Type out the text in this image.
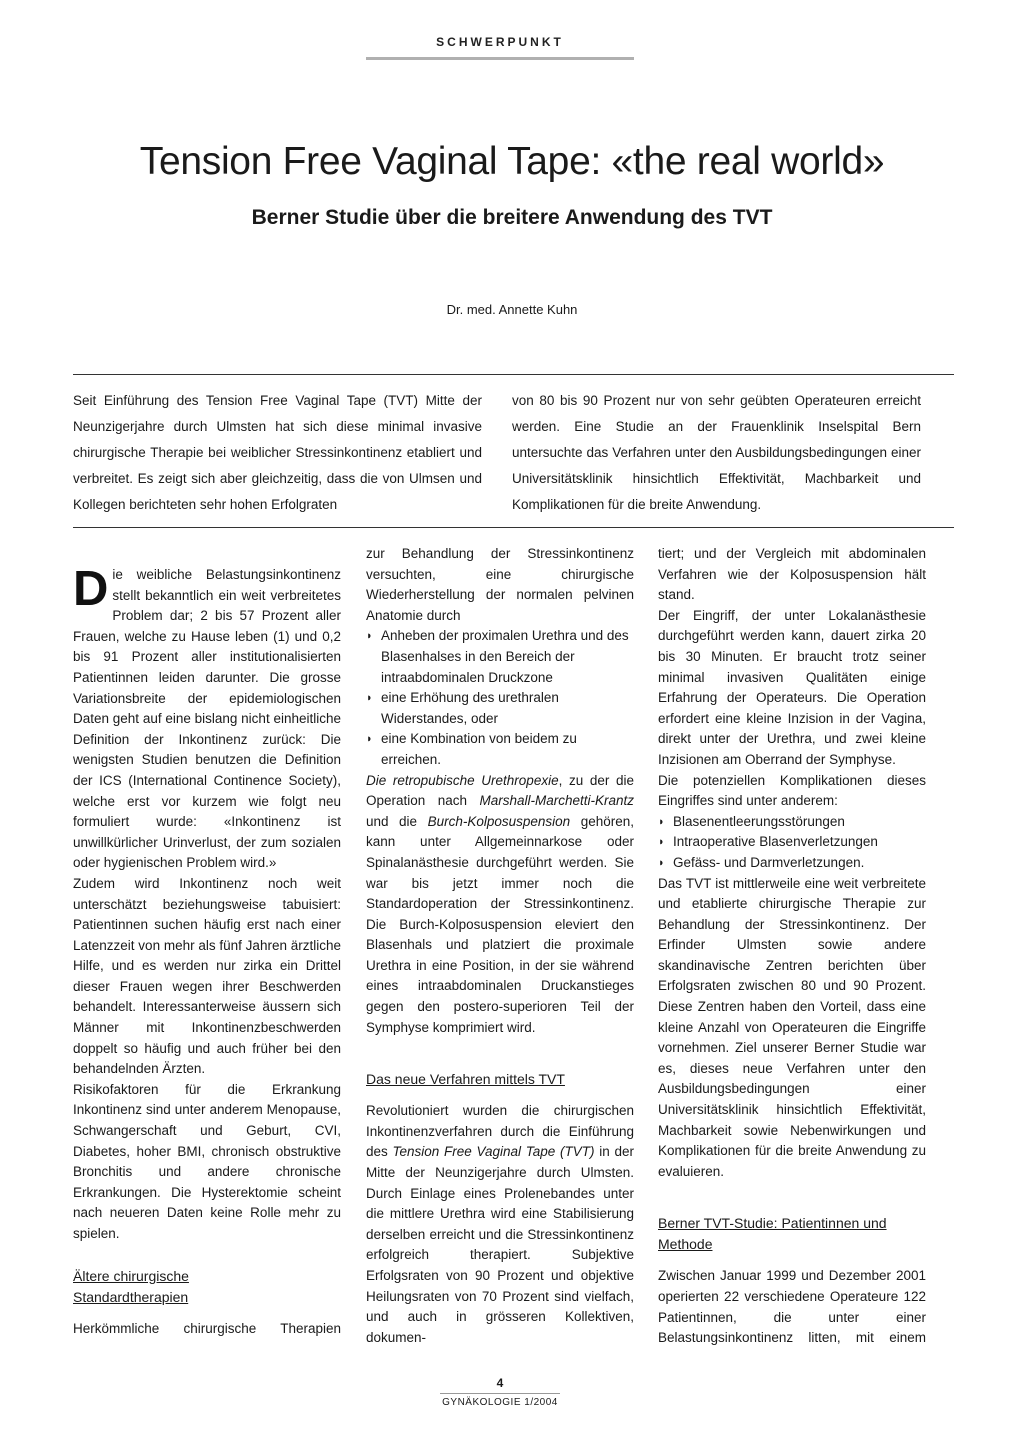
SCHWERPUNKT
Tension Free Vaginal Tape: «the real world»
Berner Studie über die breitere Anwendung des TVT
Dr. med. Annette Kuhn
Seit Einführung des Tension Free Vaginal Tape (TVT) Mitte der Neunzigerjahre durch Ulmsten hat sich diese minimal invasive chirurgische Therapie bei weiblicher Stressinkontinenz etabliert und verbreitet. Es zeigt sich aber gleichzeitig, dass die von Ulmsen und Kollegen berichteten sehr hohen Erfolgraten
von 80 bis 90 Prozent nur von sehr geübten Operateuren erreicht werden. Eine Studie an der Frauenklinik Inselspital Bern untersuchte das Verfahren unter den Ausbildungsbedingungen einer Universitätsklinik hinsichtlich Effektivität, Machbarkeit und Komplikationen für die breite Anwendung.

Die weibliche Belastungsinkontinenz stellt bekanntlich ein weit verbreitetes Problem dar; 2 bis 57 Prozent aller Frauen, welche zu Hause leben (1) und 0,2 bis 91 Prozent aller institutionalisierten Patientinnen leiden darunter. Die grosse Variationsbreite der epidemiologischen Daten geht auf eine bislang nicht einheitliche Definition der Inkontinenz zurück: Die wenigsten Studien benutzen die Definition der ICS (International Continence Society), welche erst vor kurzem wie folgt neu formuliert wurde: «Inkontinenz ist unwillkürlicher Urinverlust, der zum sozialen oder hygienischen Problem wird.»

Zudem wird Inkontinenz noch weit unterschätzt beziehungsweise tabuisiert: Patientinnen suchen häufig erst nach einer Latenzzeit von mehr als fünf Jahren ärztliche Hilfe, und es werden nur zirka ein Drittel dieser Frauen wegen ihrer Beschwerden behandelt. Interessanterweise äussern sich Männer mit Inkontinenzbeschwerden doppelt so häufig und auch früher bei den behandelnden Ärzten.

Risikofaktoren für die Erkrankung Inkontinenz sind unter anderem Menopause, Schwangerschaft und Geburt, CVI, Diabetes, hoher BMI, chronisch obstruktive Bronchitis und andere chronische Erkrankungen. Die Hysterektomie scheint nach neueren Daten keine Rolle mehr zu spielen.

Ältere chirurgische Standardtherapien

Herkömmliche chirurgische Therapien

zur Behandlung der Stressinkontinenz versuchten, eine chirurgische Wiederherstellung der normalen pelvinen Anatomie durch

◗ Anheben der proximalen Urethra und des Blasenhalses in den Bereich der intraabdominalen Druckzone
◗ eine Erhöhung des urethralen Widerstandes, oder
◗ eine Kombination von beidem zu erreichen.

Die retropubische Urethropexie, zu der die Operation nach Marshall-Marchetti-Krantz und die Burch-Kolposuspension gehören, kann unter Allgemeinnarkose oder Spinalanästhesie durchgeführt werden. Sie war bis jetzt immer noch die Standardoperation der Stressinkontinenz. Die Burch-Kolposuspension eleviert den Blasenhals und platziert die proximale Urethra in eine Position, in der sie während eines intraabdominalen Druckanstieges gegen den postero-superioren Teil der Symphyse komprimiert wird.

Das neue Verfahren mittels TVT

Revolutioniert wurden die chirurgischen Inkontinenzverfahren durch die Einführung des Tension Free Vaginal Tape (TVT) in der Mitte der Neunzigerjahre durch Ulmsten. Durch Einlage eines Prolenebandes unter die mittlere Urethra wird eine Stabilisierung derselben erreicht und die Stressinkontinenz erfolgreich therapiert. Subjektive Erfolgsraten von 90 Prozent und objektive Heilungsraten von 70 Prozent sind vielfach, und auch in grösseren Kollektiven, dokumen-

tiert; und der Vergleich mit abdominalen Verfahren wie der Kolposuspension hält stand.

Der Eingriff, der unter Lokalanästhesie durchgeführt werden kann, dauert zirka 20 bis 30 Minuten. Er braucht trotz seiner minimal invasiven Qualitäten einige Erfahrung der Operateurs. Die Operation erfordert eine kleine Inzision in der Vagina, direkt unter der Urethra, und zwei kleine Inzisionen am Oberrand der Symphyse.

Die potenziellen Komplikationen dieses Eingriffes sind unter anderem:

◗ Blasenentleerungsstörungen
◗ Intraoperative Blasenverletzungen
◗ Gefäss- und Darmverletzungen.

Das TVT ist mittlerweile eine weit verbreitete und etablierte chirurgische Therapie zur Behandlung der Stressinkontinenz. Der Erfinder Ulmsten sowie andere skandinavische Zentren berichten über Erfolgsraten zwischen 80 und 90 Prozent. Diese Zentren haben den Vorteil, dass eine kleine Anzahl von Operateuren die Eingriffe vornehmen. Ziel unserer Berner Studie war es, dieses neue Verfahren unter den Ausbildungsbedingungen einer Universitätsklinik hinsichtlich Effektivität, Machbarkeit sowie Nebenwirkungen und Komplikationen für die breite Anwendung zu evaluieren.

Berner TVT-Studie: Patientinnen und Methode

Zwischen Januar 1999 und Dezember 2001 operierten 22 verschiedene Operateure 122 Patientinnen, die unter einer Belastungsinkontinenz litten, mit einem

4
GYNÄKOLOGIE 1/2004
